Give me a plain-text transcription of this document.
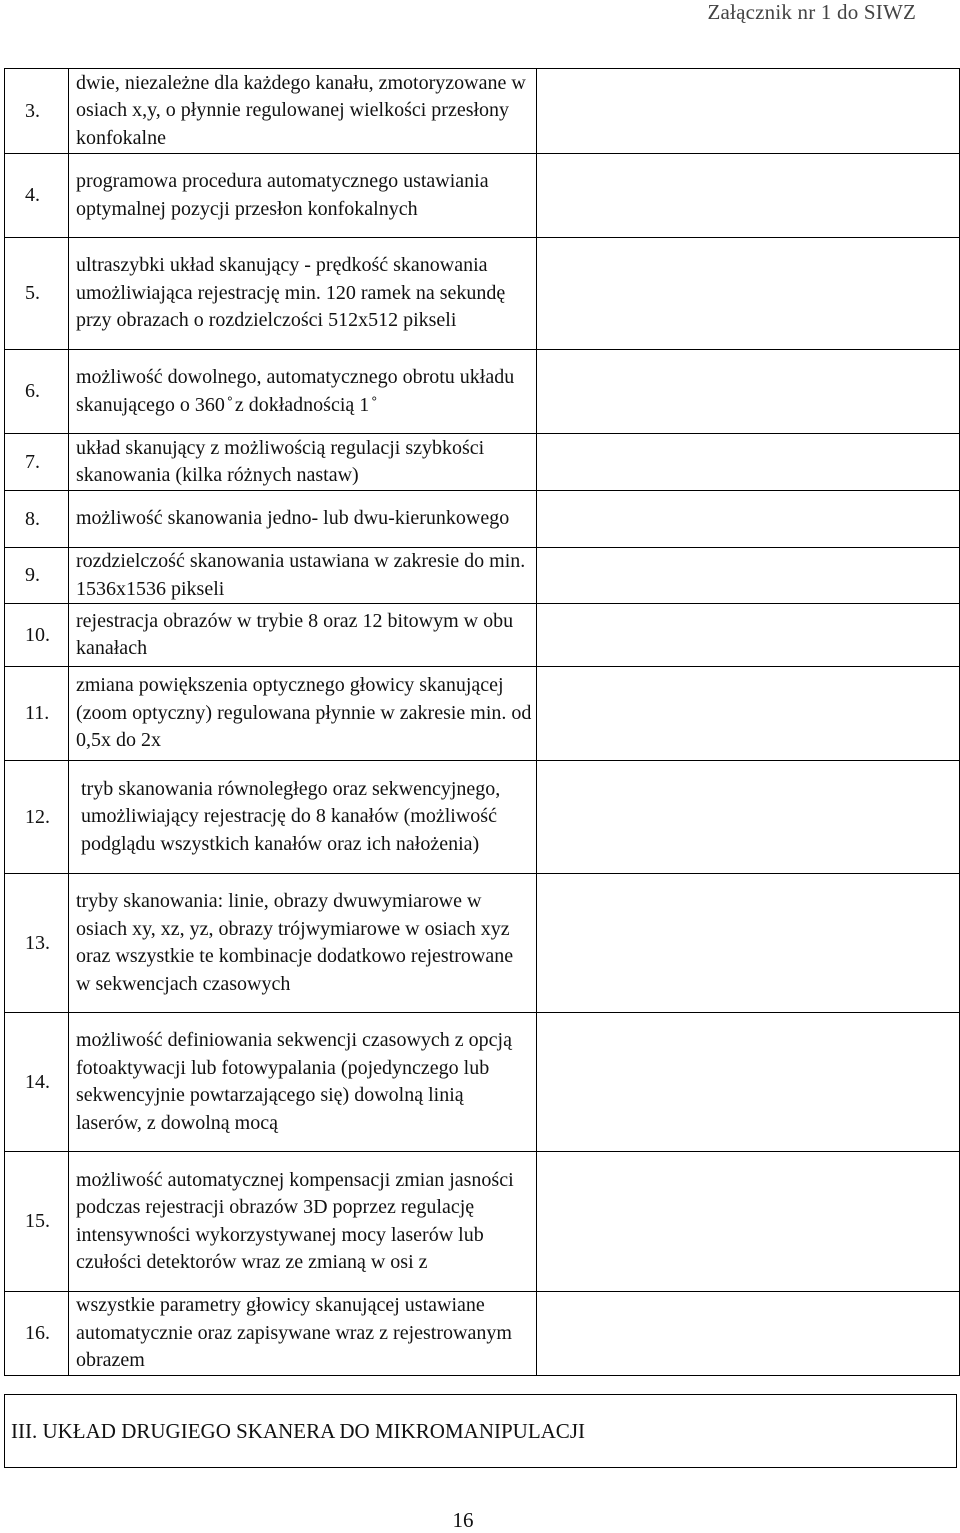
Załącznik nr 1 do SIWZ
3.	dwie, niezależne dla każdego kanału, zmotoryzowane w osiach x,y, o płynnie regulowanej wielkości przesłony konfokalne	
4.	programowa procedura automatycznego ustawiania optymalnej pozycji przesłon konfokalnych	
5.	ultraszybki układ skanujący - prędkość skanowania umożliwiająca rejestrację min. 120 ramek na sekundę przy obrazach o rozdzielczości 512x512 pikseli	
6.	możliwość dowolnego, automatycznego obrotu układu skanującego o 360 ̊ z dokładnością 1 ̊	
7.	układ skanujący z możliwością regulacji szybkości skanowania (kilka różnych nastaw)	
8.	możliwość skanowania jedno- lub dwu-kierunkowego	
9.	rozdzielczość skanowania ustawiana w zakresie do min. 1536x1536 pikseli	
10.	rejestracja obrazów w trybie 8 oraz 12 bitowym w obu kanałach	
11.	zmiana powiększenia optycznego głowicy skanującej (zoom optyczny) regulowana płynnie w zakresie min. od 0,5x do 2x	
12.	tryb skanowania równoległego oraz sekwencyjnego, umożliwiający rejestrację do 8 kanałów (możliwość podglądu wszystkich kanałów oraz ich nałożenia)	
13.	tryby skanowania: linie, obrazy dwuwymiarowe w osiach xy, xz, yz, obrazy trójwymiarowe w osiach xyz oraz wszystkie te kombinacje dodatkowo rejestrowane w sekwencjach czasowych	
14.	możliwość definiowania sekwencji czasowych z opcją fotoaktywacji lub fotowypalania (pojedynczego lub sekwencyjnie powtarzającego się) dowolną linią laserów, z dowolną mocą	
15.	możliwość automatycznej kompensacji zmian jasności podczas rejestracji obrazów 3D poprzez regulację intensywności wykorzystywanej mocy laserów lub czułości detektorów wraz ze zmianą w osi z	
16.	wszystkie parametry głowicy skanującej ustawiane automatycznie oraz zapisywane wraz z rejestrowanym obrazem	
III. UKŁAD DRUGIEGO SKANERA DO MIKROMANIPULACJI
16
